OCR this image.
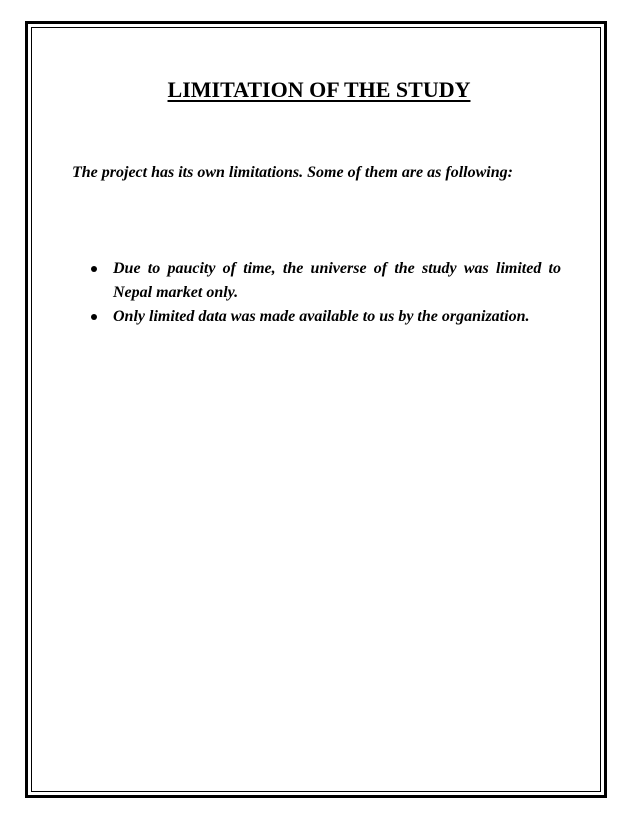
LIMITATION OF THE STUDY

The project has its own limitations. Some of them are as following:

Due to paucity of time, the universe of the study was limited to Nepal market only.
Only limited data was made available to us by the organization.
